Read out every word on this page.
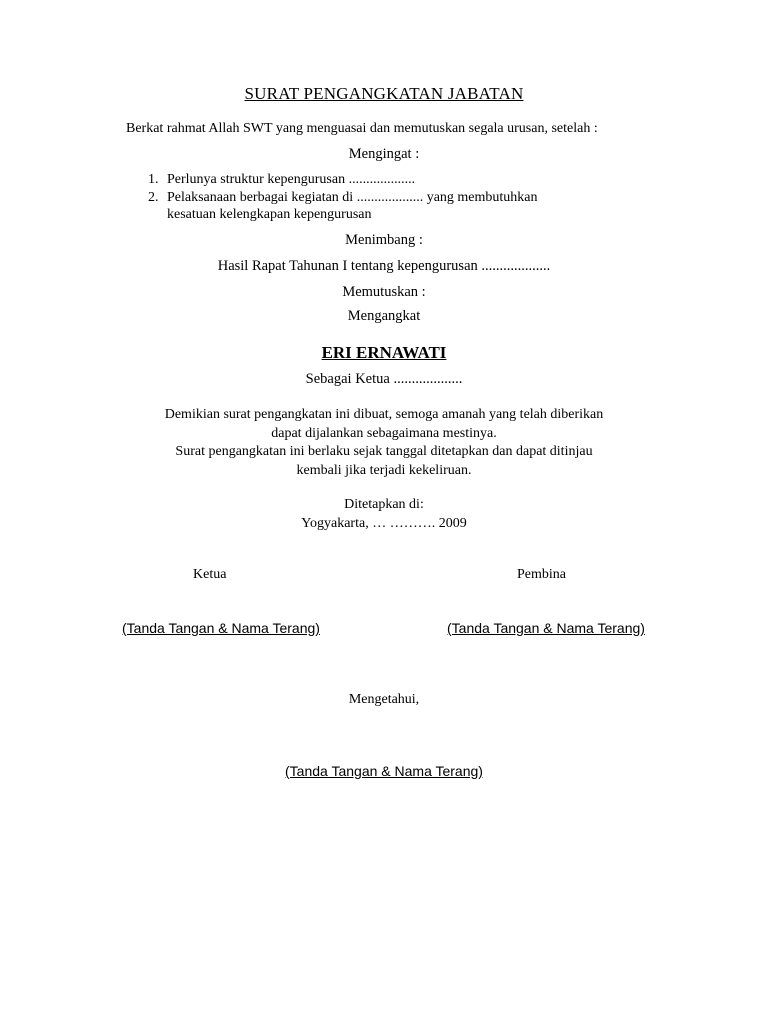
SURAT PENGANGKATAN JABATAN

Berkat rahmat Allah SWT yang menguasai dan memutuskan segala urusan, setelah :

Mengingat :

1. Perlunya struktur kepengurusan ...................
2. Pelaksanaan berbagai kegiatan di ................... yang membutuhkan
kesatuan kelengkapan kepengurusan

Menimbang :

Hasil Rapat Tahunan I tentang kepengurusan ...................

Memutuskan :

Mengangkat

ERI ERNAWATI

Sebagai Ketua ...................

Demikian surat pengangkatan ini dibuat, semoga amanah yang telah diberikan
dapat dijalankan sebagaimana mestinya.
Surat pengangkatan ini berlaku sejak tanggal ditetapkan dan dapat ditinjau
kembali jika terjadi kekeliruan.
Ditetapkan di:
Yogyakarta, … ………. 2009

Ketua	Pembina

(Tanda Tangan & Nama Terang)	(Tanda Tangan & Nama Terang)

Mengetahui,

(Tanda Tangan & Nama Terang)
